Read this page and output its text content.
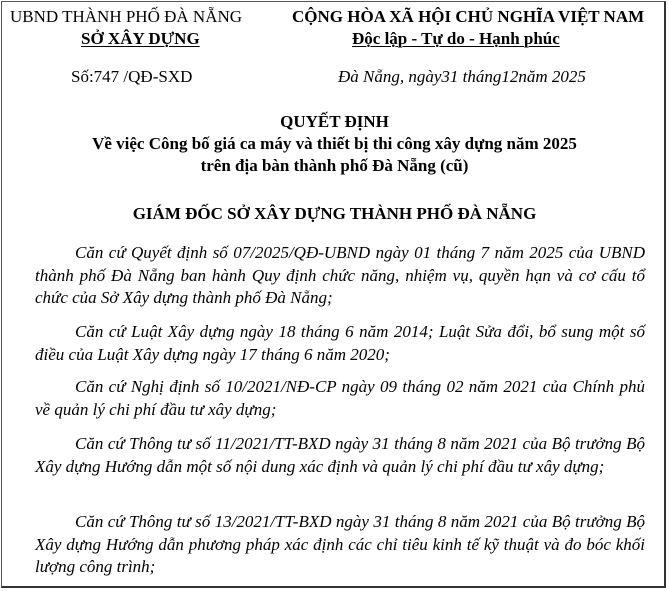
UBND THÀNH PHỐ ĐÀ NẴNG
SỞ XÂY DỰNG
CỘNG HÒA XÃ HỘI CHỦ NGHĨA VIỆT NAM
Độc lập - Tự do - Hạnh phúc
Số:747 /QĐ-SXD	Đà Nẵng, ngày31 tháng12năm 2025
QUYẾT ĐỊNH
Về việc Công bố giá ca máy và thiết bị thi công xây dựng năm 2025
trên địa bàn thành phố Đà Nẵng (cũ)
GIÁM ĐỐC SỞ XÂY DỰNG THÀNH PHỐ ĐÀ NẴNG
Căn cứ Quyết định số 07/2025/QĐ-UBND ngày 01 tháng 7 năm 2025 của UBND thành phố Đà Nẵng ban hành Quy định chức năng, nhiệm vụ, quyền hạn và cơ cấu tổ chức của Sở Xây dựng thành phố Đà Nẵng;
Căn cứ Luật Xây dựng ngày 18 tháng 6 năm 2014; Luật Sửa đổi, bổ sung một số điều của Luật Xây dựng ngày 17 tháng 6 năm 2020;
Căn cứ Nghị định số 10/2021/NĐ-CP ngày 09 tháng 02 năm 2021 của Chính phủ về quản lý chi phí đầu tư xây dựng;
Căn cứ Thông tư số 11/2021/TT-BXD ngày 31 tháng 8 năm 2021 của Bộ trưởng Bộ Xây dựng Hướng dẫn một số nội dung xác định và quản lý chi phí đầu tư xây dựng;
Căn cứ Thông tư số 13/2021/TT-BXD ngày 31 tháng 8 năm 2021 của Bộ trưởng Bộ Xây dựng Hướng dẫn phương pháp xác định các chỉ tiêu kinh tế kỹ thuật và đo bóc khối lượng công trình;
